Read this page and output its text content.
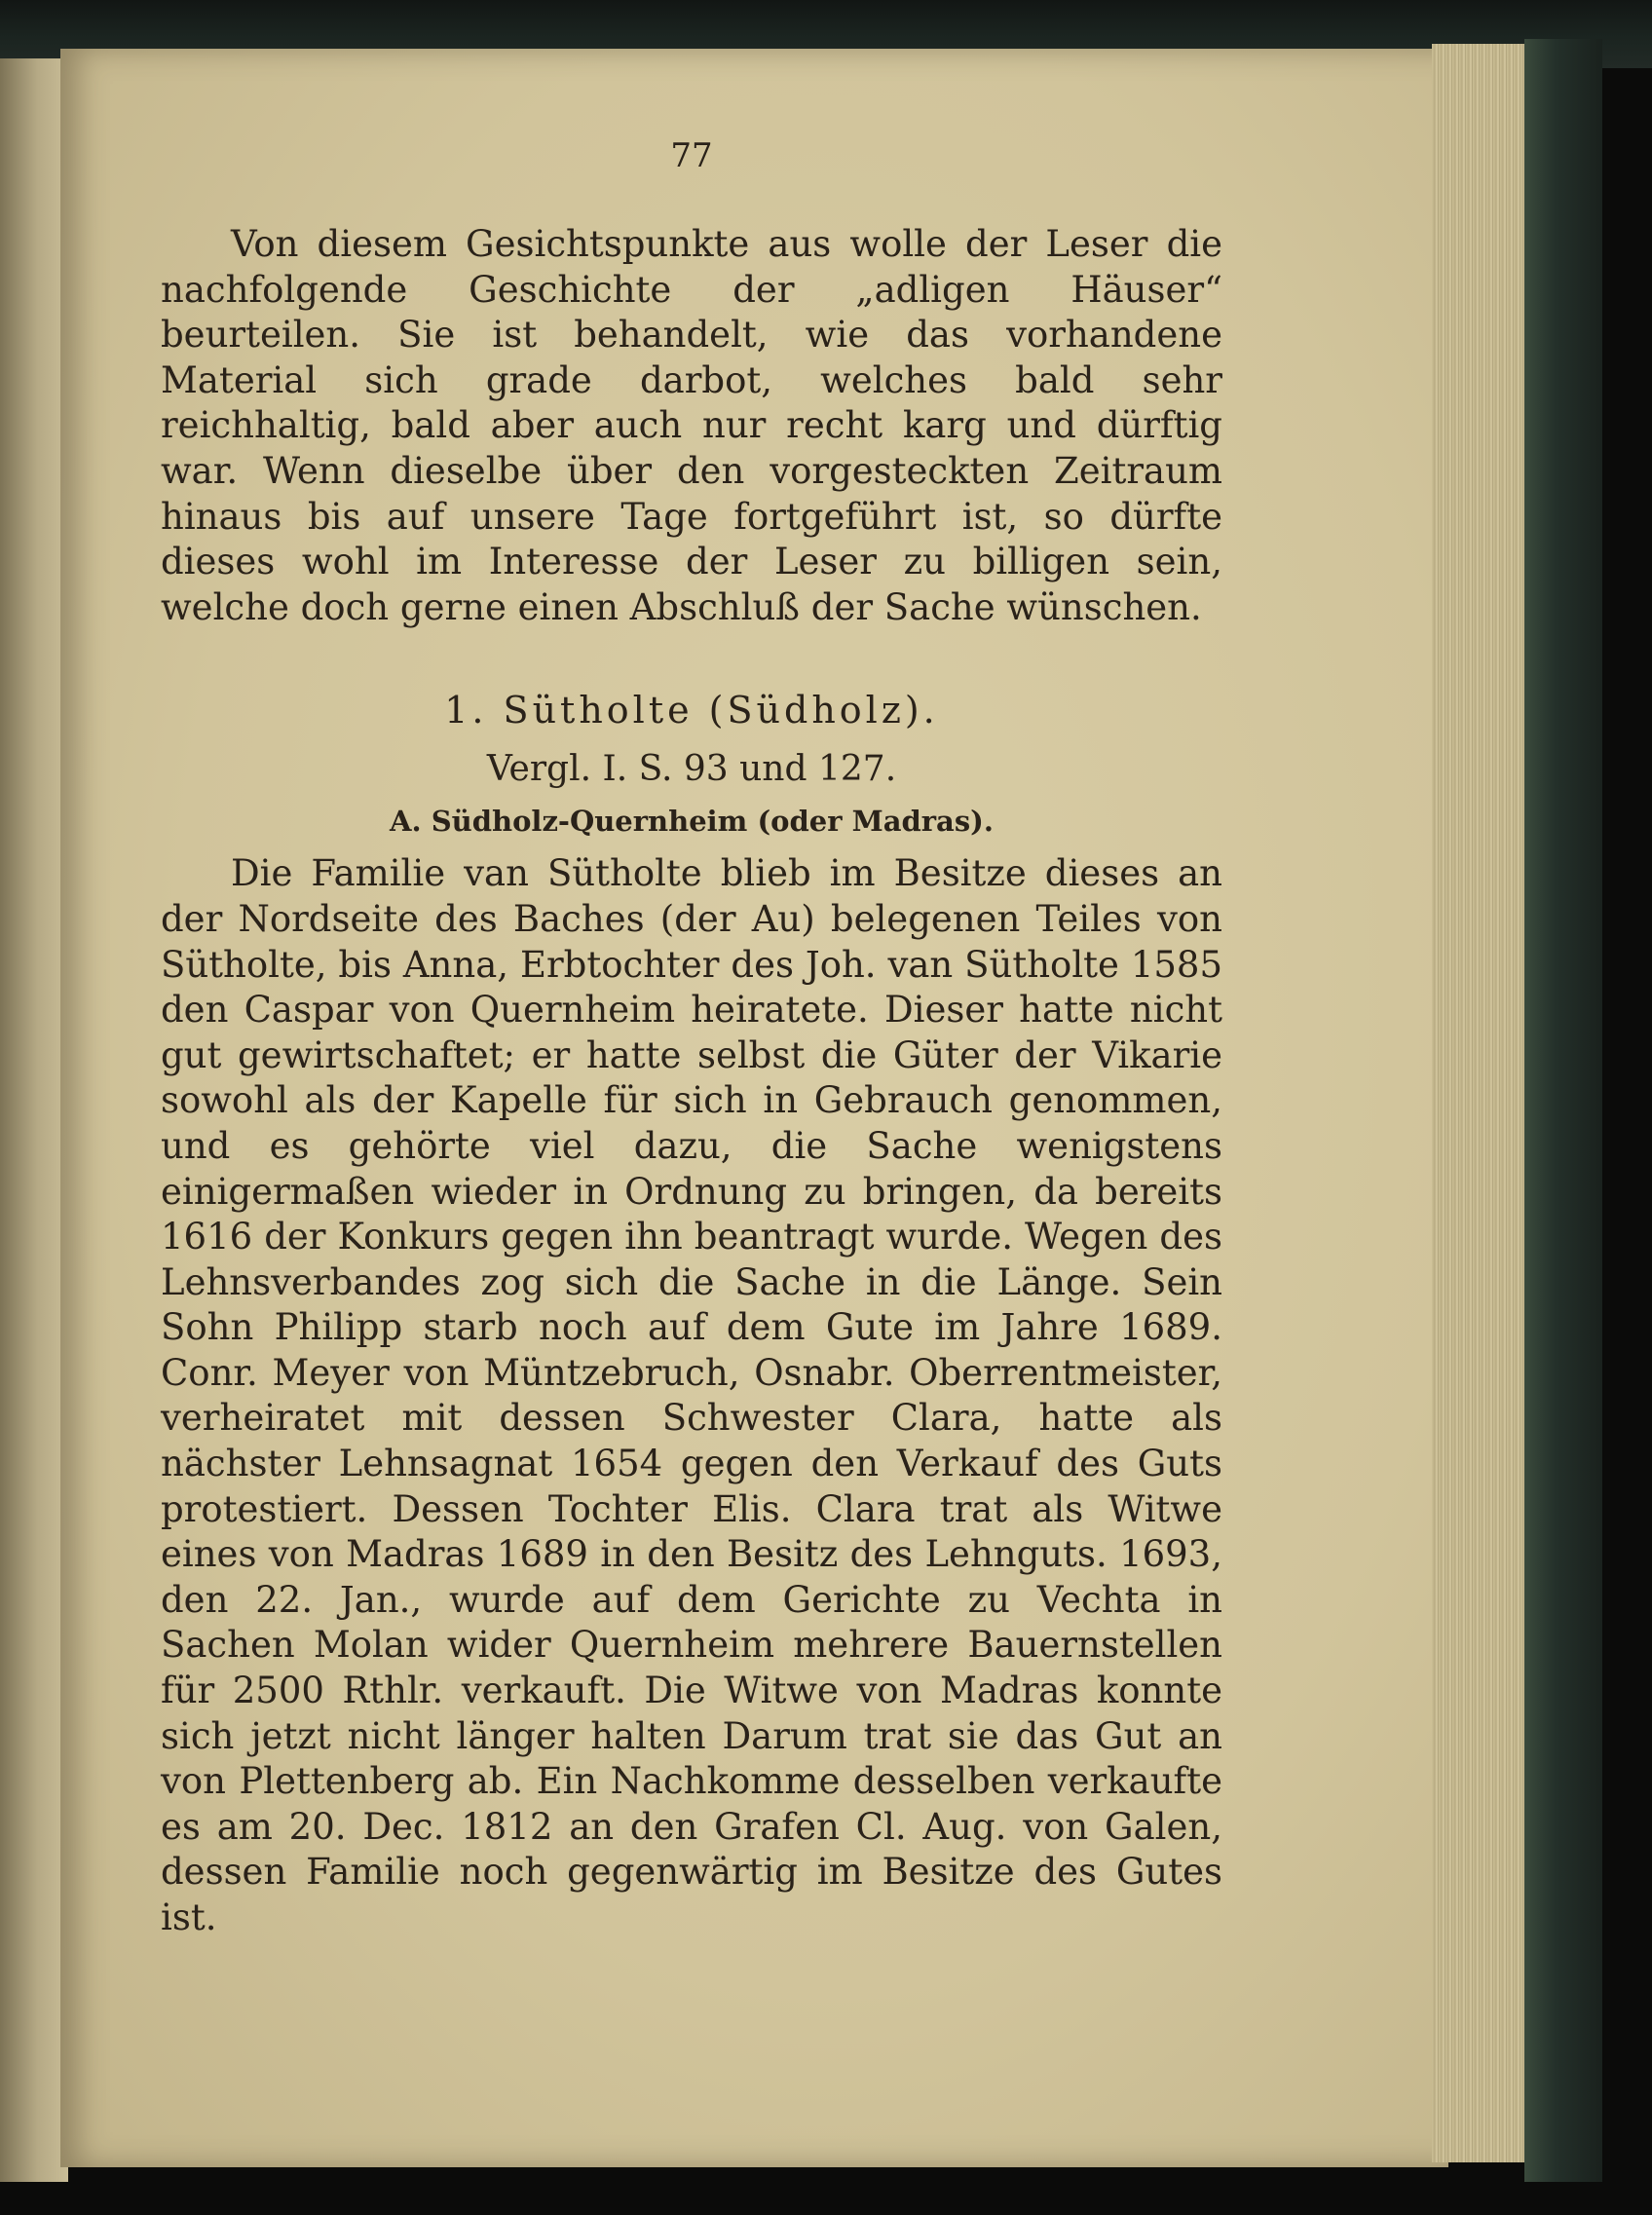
77

Von diesem Gesichtspunkte aus wolle der Leser die nachfolgende Geschichte der „adligen Häuser“ beurteilen. Sie ist behandelt, wie das vorhandene Material sich grade darbot, welches bald sehr reichhaltig, bald aber auch nur recht karg und dürftig war. Wenn dieselbe über den vorgesteckten Zeitraum hinaus bis auf unsere Tage fortgeführt ist, so dürfte dieses wohl im Interesse der Leser zu billigen sein, welche doch gerne einen Abschluß der Sache wünschen.

1. Sütholte (Südholz).
Vergl. I. S. 93 und 127.
A. Südholz-Quernheim (oder Madras).

Die Familie van Sütholte blieb im Besitze dieses an der Nordseite des Baches (der Au) belegenen Teiles von Sütholte, bis Anna, Erbtochter des Joh. van Sütholte 1585 den Caspar von Quernheim heiratete. Dieser hatte nicht gut gewirtschaftet; er hatte selbst die Güter der Vikarie sowohl als der Kapelle für sich in Gebrauch genommen, und es gehörte viel dazu, die Sache wenigstens einigermaßen wieder in Ordnung zu bringen, da bereits 1616 der Konkurs gegen ihn beantragt wurde. Wegen des Lehnsverbandes zog sich die Sache in die Länge. Sein Sohn Philipp starb noch auf dem Gute im Jahre 1689. Conr. Meyer von Müntzebruch, Osnabr. Oberrentmeister, verheiratet mit dessen Schwester Clara, hatte als nächster Lehnsagnat 1654 gegen den Verkauf des Guts protestiert. Dessen Tochter Elis. Clara trat als Witwe eines von Madras 1689 in den Besitz des Lehnguts. 1693, den 22. Jan., wurde auf dem Gerichte zu Vechta in Sachen Molan wider Quernheim mehrere Bauernstellen für 2500 Rthlr. verkauft. Die Witwe von Madras konnte sich jetzt nicht länger halten Darum trat sie das Gut an von Plettenberg ab. Ein Nachkomme desselben verkaufte es am 20. Dec. 1812 an den Grafen Cl. Aug. von Galen, dessen Familie noch gegenwärtig im Besitze des Gutes ist.
